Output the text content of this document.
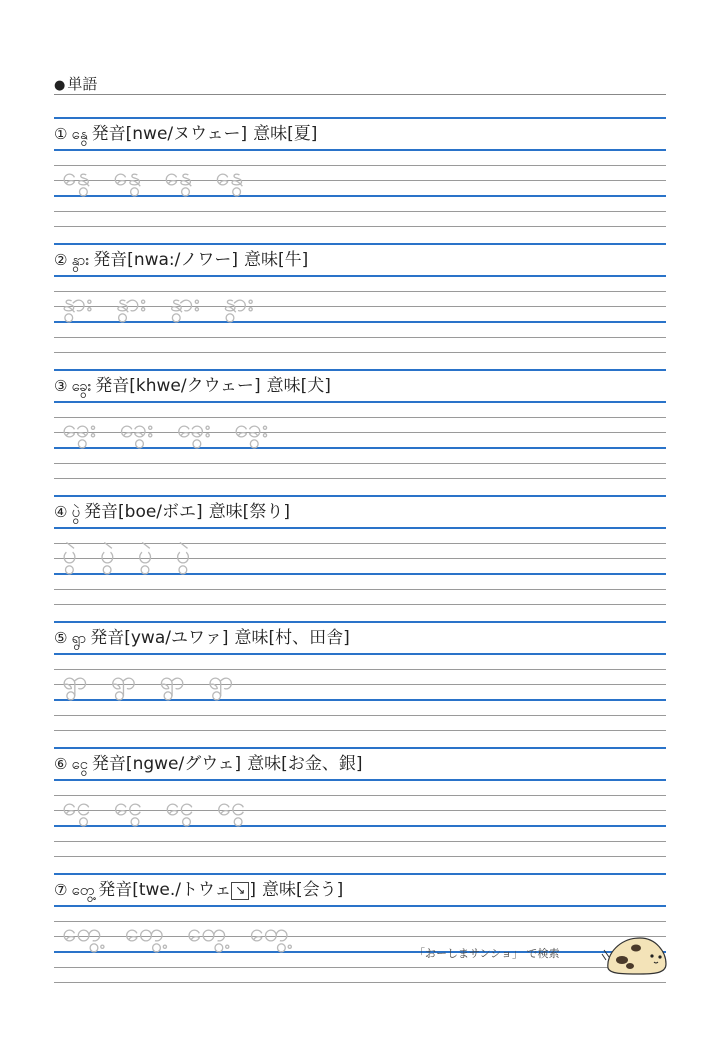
● 単語
① နွေ 発音[nwe/ヌウェー] 意味[夏]
နွေ နွေ နွေ နွေ
② နွား 発音[nwa:/ノワー] 意味[牛]
နွား နွား နွား နွား
③ ခွေး 発音[khwe/クウェー] 意味[犬]
ခွေး ခွေး ခွေး ခွေး
④ ပွဲ 発音[boe/ボエ] 意味[祭り]
ပွဲ ပွဲ ပွဲ ပွဲ
⑤ ရွာ 発音[ywa/ユワァ] 意味[村、田舎]
ရွာ ရွာ ရွာ ရွာ
⑥ ငွေ 発音[ngwe/グウェ] 意味[お金、銀]
ငွေ ငွေ ငွေ ငွေ
⑦ တွေ့ 発音[twe./トウェ ↘ ] 意味[会う]
တွေ့ တွေ့ တွေ့ တွေ့
「おーしまサンショ」 で検索
